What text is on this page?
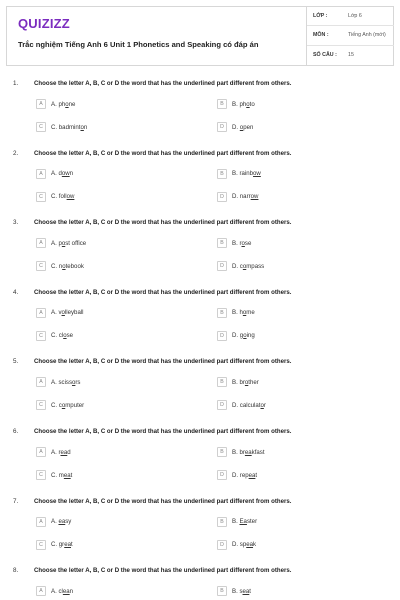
QUIZIZZ
Trắc nghiệm Tiếng Anh 6 Unit 1 Phonetics and Speaking có đáp án
LỚP :	Lớp 6
MÔN :	Tiếng Anh (mới)
SỐ CÂU : 15
1.	Choose the letter A, B, C or D the word that has the underlined part different from others.
A	A. phone	B	B. photo
C	C. badminton	D	D. open
2.	Choose the letter A, B, C or D the word that has the underlined part different from others.
A	A. down	B	B. rainbow
C	C. follow	D	D. narrow
3.	Choose the letter A, B, C or D the word that has the underlined part different from others.
A	A. post office	B	B. rose
C	C. notebook	D	D. compass
4.	Choose the letter A, B, C or D the word that has the underlined part different from others.
A	A. volleyball	B	B. home
C	C. close	D	D. going
5.	Choose the letter A, B, C or D the word that has the underlined part different from others.
A	A. scissors	B	B. brother
C	C. computer	D	D. calculator
6.	Choose the letter A, B, C or D the word that has the underlined part different from others.
A	A. read	B	B. breakfast
C	C. meat	D	D. repeat
7.	Choose the letter A, B, C or D the word that has the underlined part different from others.
A	A. easy	B	B. Easter
C	C. great	D	D. speak
8.	Choose the letter A, B, C or D the word that has the underlined part different from others.
A	A. clean	B	B. seat
